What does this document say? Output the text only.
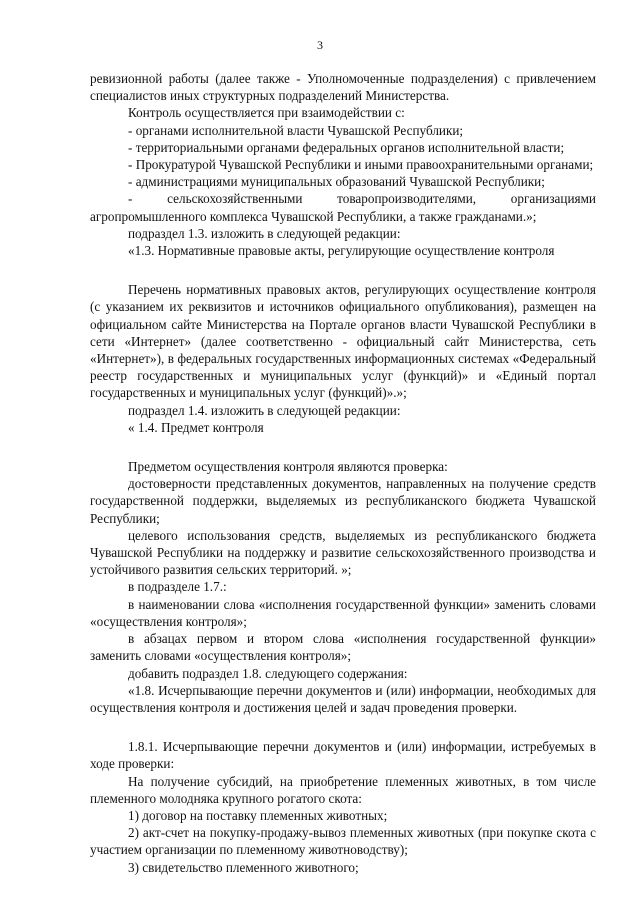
3

ревизионной работы (далее также - Уполномоченные подразделения) с привлечением специалистов иных структурных подразделений Министерства.

Контроль осуществляется при взаимодействии с:

- органами исполнительной власти Чувашской Республики;

- территориальными органами федеральных органов исполнительной власти;

- Прокуратурой Чувашской Республики и иными правоохранительными органами;

- администрациями муниципальных образований Чувашской Республики;

- сельскохозяйственными товаропроизводителями, организациями агропромышленного комплекса Чувашской Республики, а также гражданами.»;

подраздел 1.3. изложить в следующей редакции:

«1.3. Нормативные правовые акты, регулирующие осуществление контроля

Перечень нормативных правовых актов, регулирующих осуществление контроля (с указанием их реквизитов и источников официального опубликования), размещен на официальном сайте Министерства на Портале органов власти Чувашской Республики в сети «Интернет» (далее соответственно - официальный сайт Министерства, сеть «Интернет»), в федеральных государственных информационных системах «Федеральный реестр государственных и муниципальных услуг (функций)» и «Единый портал государственных и муниципальных услуг (функций)».»;

подраздел 1.4. изложить в следующей редакции:

« 1.4. Предмет контроля

Предметом осуществления контроля являются проверка:

достоверности представленных документов, направленных на получение средств государственной поддержки, выделяемых из республиканского бюджета Чувашской Республики;

целевого использования средств, выделяемых из республиканского бюджета Чувашской Республики на поддержку и развитие сельскохозяйственного производства и устойчивого развития сельских территорий. »;

в подразделе 1.7.:

в наименовании слова «исполнения государственной функции» заменить словами «осуществления контроля»;

в абзацах первом и втором слова «исполнения государственной функции» заменить словами «осуществления контроля»;

добавить подраздел 1.8. следующего содержания:

«1.8. Исчерпывающие перечни документов и (или) информации, необходимых для осуществления контроля и достижения целей и задач проведения проверки.

1.8.1. Исчерпывающие перечни документов и (или) информации, истребуемых в ходе проверки:

На получение субсидий, на приобретение племенных животных, в том числе племенного молодняка крупного рогатого скота:

1) договор на поставку племенных животных;

2) акт-счет на покупку-продажу-вывоз племенных животных (при покупке скота с участием организации по племенному животноводству);

3) свидетельство племенного животного;
